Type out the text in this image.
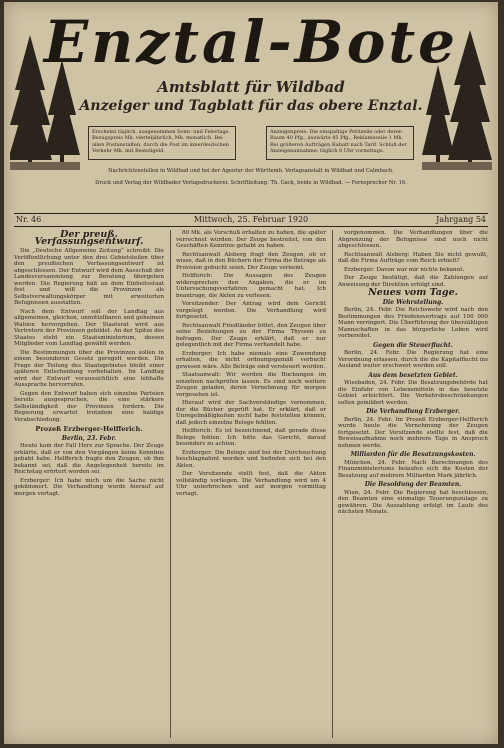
Enztal-Bote
Amtsblatt für Wildbad
Anzeiger und Tagblatt für das obere Enztal.
Erscheint täglich, ausgenommen Sonn- und Feiertags. Bezugspreis Mk. vierteljährlich, Mk. monatlich. Bei allen Postanstalten, durch die Post im innerdeutschen Verkehr Mk. mit Bestellgeld.
Anzeigenpreis: Die einspaltige Petitzeile oder deren Raum 40 Pfg., auswärts 45 Pfg., Reklamezeile 1 Mk. Bei größeren Aufträgen Rabatt nach Tarif. Schluß der Anzeigenannahme: täglich 8 Uhr vormittags.
Nachrichtenstellen in Wildbad und bei der Agentur der Württemb. Verlagsanstalt in Wildbad und Calmbach.
Druck und Verlag der Wildbader Verlagsdruckerei. Schriftleitung: Th. Gack, beide in Wildbad. — Fernsprecher Nr. 16.
Nr. 46	Mittwoch, 25. Februar 1920	Jahrgang 54
Der preuß. Verfassungsentwurf.

Die „Deutsche Allgemeine Zeitung“ schreibt: Die Veröffentlichung unter den drei Gebietsteilen über den preußischen Verfassungsentwurf ist abgeschlossen. Der Entwurf wird dem Ausschuß der Landesversammlung zur Beratung übergeben werden. Die Regierung hält an dem Einheitsstaat fest und will die Provinzen als Selbstverwaltungskörper mit erweiterten Befugnissen ausstatten.

Nach dem Entwurf soll der Landtag aus allgemeinen, gleichen, unmittelbaren und geheimen Wahlen hervorgehen. Der Staatsrat wird aus Vertretern der Provinzen gebildet. An der Spitze des Staates steht ein Staatsministerium, dessen Mitglieder vom Landtag gewählt werden.

Die Bestimmungen über die Provinzen sollen in einem besonderen Gesetz geregelt werden. Die Frage der Teilung des Staatsgebietes bleibt einer späteren Entscheidung vorbehalten. Im Landtag wird der Entwurf voraussichtlich eine lebhafte Aussprache hervorrufen.

Gegen den Entwurf haben sich einzelne Parteien bereits ausgesprochen, die eine stärkere Selbständigkeit der Provinzen fordern. Die Regierung erwartet trotzdem eine baldige Verabschiedung.

Prozeß Erzberger-Helfferich.
Berlin, 23. Febr.

Heute kam der Fall Herz zur Sprache. Der Zeuge erklärte, daß er von den Vorgängen keine Kenntnis gehabt habe. Helfferich fragte den Zeugen, ob ihm bekannt sei, daß die Angelegenheit bereits im Reichstag erörtert worden sei.

Erzberger: Ich habe mich um die Sache nicht gekümmert. Die Verhandlung wurde hierauf auf morgen vertagt.

80 Mk. als Vorschuß erhalten zu haben, die später verrechnet wurden. Der Zeuge bestreitet, von den Geschäften Kenntnis gehabt zu haben.

Rechtsanwalt Alsberg fragt den Zeugen, ob er wisse, daß in den Büchern der Firma die Beträge als Provision gebucht seien. Der Zeuge verneint.

Helfferich: Die Aussagen des Zeugen widersprechen den Angaben, die er im Untersuchungsverfahren gemacht hat. Ich beantrage, die Akten zu verlesen.

Vorsitzender: Der Antrag wird dem Gericht vorgelegt werden. Die Verhandlung wird fortgesetzt.

Rechtsanwalt Friedländer bittet, den Zeugen über seine Beziehungen zu der Firma Thyssen zu befragen. Der Zeuge erklärt, daß er nur gelegentlich mit der Firma verhandelt habe.

Erzberger: Ich habe niemals eine Zuwendung erhalten, die nicht ordnungsgemäß verbucht gewesen wäre. Alle Beträge sind versteuert worden.

Staatsanwalt: Wir werden die Buchungen im einzelnen nachprüfen lassen. Es sind noch weitere Zeugen geladen, deren Vernehmung für morgen vorgesehen ist.

Hierauf wird der Sachverständige vernommen, der die Bücher geprüft hat. Er erklärt, daß er Unregelmäßigkeiten nicht habe feststellen können, daß jedoch einzelne Belege fehlten.

Helfferich: Es ist bezeichnend, daß gerade diese Belege fehlen. Ich bitte das Gericht, darauf besonders zu achten.

Erzberger: Die Belege sind bei der Durchsuchung beschlagnahmt worden und befinden sich bei den Akten.

Der Vorsitzende stellt fest, daß die Akten vollständig vorliegen. Die Verhandlung wird um 4 Uhr unterbrochen und auf morgen vormittag vertagt.

vorgenommen. Die Verhandlungen über die Abgrenzung der Befugnisse sind noch nicht abgeschlossen.

Rechtsanwalt Alsberg: Haben Sie nicht gewußt, daß die Firma Aufträge vom Reich erhielt?

Erzberger: Davon war mir nichts bekannt.

Der Zeuge bestätigt, daß die Zahlungen auf Anweisung der Direktion erfolgt sind.

Neues vom Tage.
Die Wehrstellung.

Berlin, 24. Febr. Die Reichswehr wird nach den Bestimmungen des Friedensvertrags auf 100 000 Mann verringert. Die Überführung der überzähligen Mannschaften in das bürgerliche Leben wird vorbereitet.

Gegen die Steuerflucht.

Berlin, 24. Febr. Die Regierung hat eine Verordnung erlassen, durch die die Kapitalflucht ins Ausland weiter erschwert werden soll.

Aus dem besetzten Gebiet.

Wiesbaden, 24. Febr. Die Besatzungsbehörde hat die Einfuhr von Lebensmitteln in das besetzte Gebiet erleichtert. Die Verkehrsbeschränkungen sollen gemildert werden.

Die Verhandlung Erzberger.

Berlin, 24. Febr. Im Prozeß Erzberger-Helfferich wurde heute die Vernehmung der Zeugen fortgesetzt. Der Vorsitzende stellte fest, daß die Beweisaufnahme noch mehrere Tage in Anspruch nehmen werde.

Milliarden für die Besatzungskosten.

München, 24. Febr. Nach Berechnungen des Finanzministeriums belaufen sich die Kosten der Besatzung auf mehrere Milliarden Mark jährlich.

Die Besoldung der Beamten.

Wien, 24. Febr. Die Regierung hat beschlossen, den Beamten eine einmalige Teuerungszulage zu gewähren. Die Auszahlung erfolgt im Laufe des nächsten Monats.
